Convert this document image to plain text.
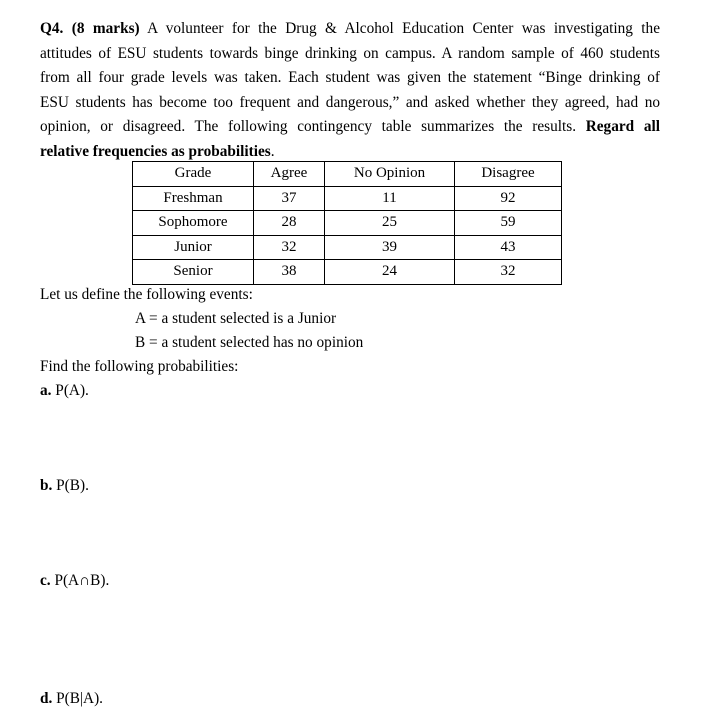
Q4. (8 marks) A volunteer for the Drug & Alcohol Education Center was investigating the
attitudes of ESU students towards binge drinking on campus. A random sample of 460 students
from all four grade levels was taken. Each student was given the statement “Binge drinking of
ESU students has become too frequent and dangerous,” and asked whether they agreed, had no
opinion, or disagreed. The following contingency table summarizes the results. Regard all
relative frequencies as probabilities.
Grade	Agree	No Opinion	Disagree
Freshman	37	11	92
Sophomore	28	25	59
Junior	32	39	43
Senior	38	24	32
Let us define the following events:
A = a student selected is a Junior
B = a student selected has no opinion
Find the following probabilities:
a. P(A).
b. P(B).
c. P(A∩B).
d. P(B|A).
